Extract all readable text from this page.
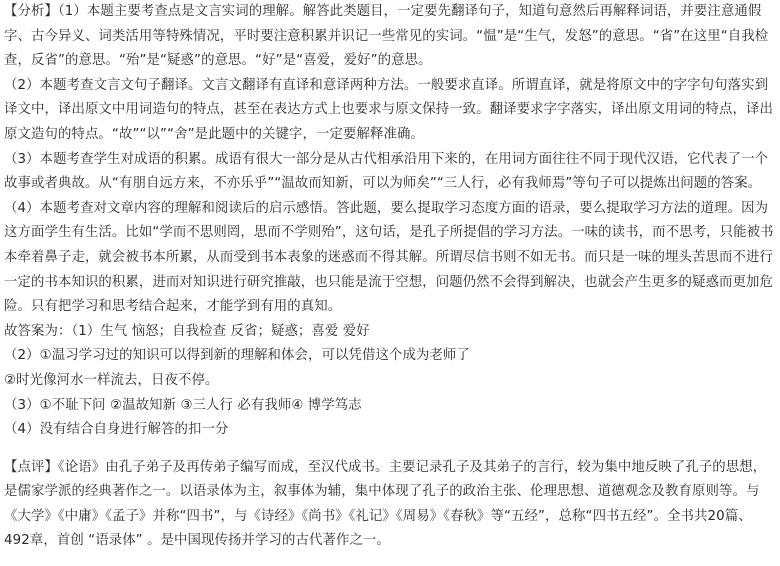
【分析】（1）本题主要考查点是文言实词的理解。解答此类题目，一定要先翻译句子，知道句意然后再解释词语，并要注意通假字、古今异义、词类活用等特殊情况，平时要注意积累并识记一些常见的实词。“愠”是“生气，发怒”的意思。“省”在这里“自我检查，反省”的意思。“殆”是“疑惑”的意思。“好”是“喜爱，爱好”的意思。

（2）本题考查文言文句子翻译。文言文翻译有直译和意译两种方法。一般要求直译。所谓直译，就是将原文中的字字句句落实到译文中，译出原文中用词造句的特点，甚至在表达方式上也要求与原文保持一致。翻译要求字字落实，译出原文用词的特点，译出原文造句的特点。“故”“以”“舍”是此题中的关键字，一定要解释准确。

（3）本题考查学生对成语的积累。成语有很大一部分是从古代相承沿用下来的，在用词方面往往不同于现代汉语，它代表了一个故事或者典故。从“有朋自远方来，不亦乐乎”“温故而知新，可以为师矣”“三人行，必有我师焉”等句子可以提炼出问题的答案。

（4）本题考查对文章内容的理解和阅读后的启示感悟。答此题，要么提取学习态度方面的语录，要么提取学习方法的道理。因为这方面学生有生活。比如“学而不思则罔，思而不学则殆”，这句话，是孔子所提倡的学习方法。一味的读书，而不思考，只能被书本牵着鼻子走，就会被书本所累，从而受到书本表象的迷惑而不得其解。所谓尽信书则不如无书。而只是一味的埋头苦思而不进行一定的书本知识的积累，进而对知识进行研究推敲，也只能是流于空想，问题仍然不会得到解决，也就会产生更多的疑惑而更加危险。只有把学习和思考结合起来，才能学到有用的真知。

故答案为：（1）生气 恼怒；自我检查 反省；疑惑；喜爱 爱好

（2）①温习学习过的知识可以得到新的理解和体会，可以凭借这个成为老师了

②时光像河水一样流去，日夜不停。

（3）①不耻下问 ②温故知新 ③三人行 必有我师④ 博学笃志

（4）没有结合自身进行解答的扣一分

【点评】《论语》由孔子弟子及再传弟子编写而成，至汉代成书。主要记录孔子及其弟子的言行，较为集中地反映了孔子的思想，是儒家学派的经典著作之一。以语录体为主，叙事体为辅，集中体现了孔子的政治主张、伦理思想、道德观念及教育原则等。与《大学》《中庸》《孟子》并称“四书”，与《诗经》《尚书》《礼记》《周易》《春秋》等“五经”，总称“四书五经”。全书共20篇、492章，首创 “语录体” 。是中国现传扬并学习的古代著作之一。
